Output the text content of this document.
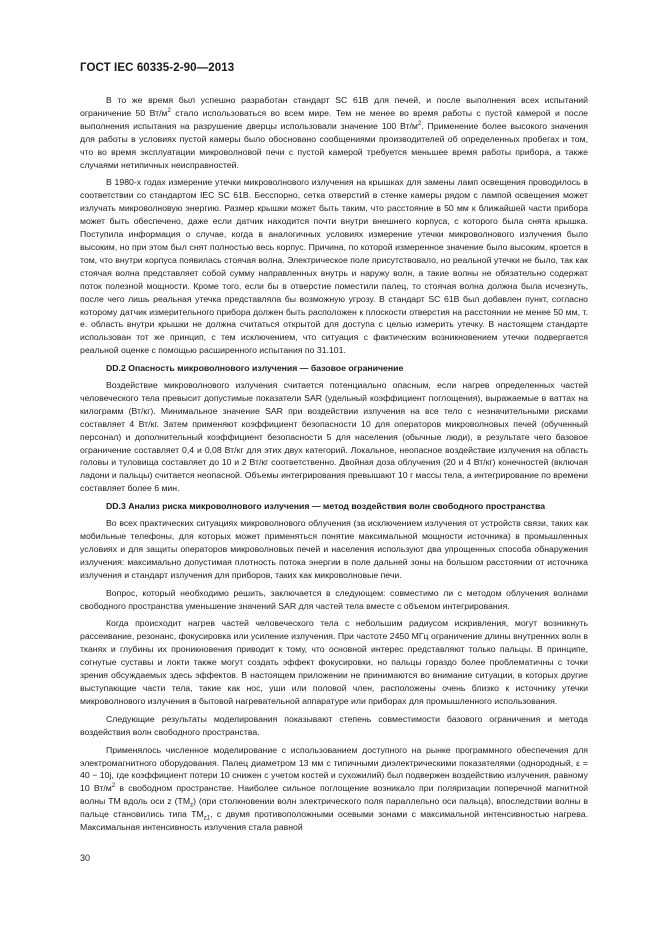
ГОСТ IEC 60335-2-90—2013

В то же время был успешно разработан стандарт SC 61B для печей, и после выполнения всех испытаний ограничение 50 $Вт/м^2$ стало использоваться во всем мире. Тем не менее во время работы с пустой камерой и после выполнения испытания на разрушение дверцы использовали значение 100 $Вт/м^2$. Применение более высокого значения для работы в условиях пустой камеры было обосновано сообщениями производителей об определенных пробегах и том, что во время эксплуатации микроволновой печи с пустой камерой требуется меньшее время работы прибора, а также случаями нетипичных неисправностей.

В 1980-х годах измерение утечки микроволнового излучения на крышках для замены ламп освещения проводилось в соответствии со стандартом IEC SC 61B. Бесспорно, сетка отверстий в стенке камеры рядом с лампой освещения может излучать микроволновую энергию. Размер крышки может быть таким, что расстояние в 50 мм к ближайшей части прибора может быть обеспечено, даже если датчик находится почти внутри внешнего корпуса, с которого была снята крышка. Поступила информация о случае, когда в аналогичных условиях измерение утечки микроволнового излучения было высоким, но при этом был снят полностью весь корпус. Причина, по которой измеренное значение было высоким, кроется в том, что внутри корпуса появилась стоячая волна. Электрическое поле присутствовало, но реальной утечки не было, так как стоячая волна представляет собой сумму направленных внутрь и наружу волн, а такие волны не обязательно содержат поток полезной мощности. Кроме того, если бы в отверстие поместили палец, то стоячая волна должна была исчезнуть, после чего лишь реальная утечка представляла бы возможную угрозу. В стандарт SC 61B был добавлен пункт, согласно которому датчик измерительного прибора должен быть расположен к плоскости отверстия на расстоянии не менее 50 мм, т. е. область внутри крышки не должна считаться открытой для доступа с целью измерить утечку. В настоящем стандарте использован тот же принцип, с тем исключением, что ситуация с фактическим возникновением утечки подвергается реальной оценке с помощью расширенного испытания по 31.101.

DD.2 Опасность микроволнового излучения — базовое ограничение

Воздействие микроволнового излучения считается потенциально опасным, если нагрев определенных частей человеческого тела превысит допустимые показатели SAR (удельный коэффициент поглощения), выражаемые в ваттах на килограмм (Вт/кг). Минимальное значение SAR при воздействии излучения на все тело с незначительными рисками составляет 4 Вт/кг. Затем применяют коэффициент безопасности 10 для операторов микроволновых печей (обученный персонал) и дополнительный коэффициент безопасности 5 для населения (обычные люди), в результате чего базовое ограничение составляет 0,4 и 0,08 Вт/кг для этих двух категорий. Локальное, неопасное воздействие излучения на область головы и туловища составляет до 10 и 2 Вт/кг соответственно. Двойная доза облучения (20 и 4 Вт/кг) конечностей (включая ладони и пальцы) считается неопасной. Объемы интегрирования превышают 10 г массы тела, а интегрирование по времени составляет более 6 мин.

DD.3 Анализ риска микроволнового излучения — метод воздействия волн свободного пространства

Во всех практических ситуациях микроволнового облучения (за исключением излучения от устройств связи, таких как мобильные телефоны, для которых может применяться понятие максимальной мощности источника) в промышленных условиях и для защиты операторов микроволновых печей и населения используют два упрощенных способа обнаружения излучения: максимально допустимая плотность потока энергии в поле дальней зоны на большом расстоянии от источника излучения и стандарт излучения для приборов, таких как микроволновые печи.

Вопрос, который необходимо решить, заключается в следующем: совместимо ли с методом облучения волнами свободного пространства уменьшение значений SAR для частей тела вместе с объемом интегрирования.

Когда происходит нагрев частей человеческого тела с небольшим радиусом искривления, могут возникнуть рассеивание, резонанс, фокусировка или усиление излучения. При частоте 2450 МГц ограничение длины внутренних волн в тканях и глубины их проникновения приводит к тому, что основной интерес представляют только пальцы. В принципе, согнутые суставы и локти также могут создать эффект фокусировки, но пальцы гораздо более проблематичны с точки зрения обсуждаемых здесь эффектов. В настоящем приложении не принимаются во внимание ситуации, в которых другие выступающие части тела, такие как нос, уши или половой член, расположены очень близко к источнику утечки микроволнового излучения в бытовой нагревательной аппаратуре или приборах для промышленного использования.

Следующие результаты моделирования показывают степень совместимости базового ограничения и метода воздействия волн свободного пространства.

Применялось численное моделирование с использованием доступного на рынке программного обеспечения для электромагнитного оборудования. Палец диаметром 13 мм с типичными диэлектрическими показателями (однородный, ε = 40 − 10j, где коэффициент потери 10 снижен с учетом костей и сухожилий) был подвержен воздействию излучения, равному 10 $Вт/м^2$ в свободном пространстве. Наиболее сильное поглощение возникало при поляризации поперечной магнитной волны TM вдоль оси z $(TM_z)$ (при столкновении волн электрического поля параллельно оси пальца), впоследствии волны в пальце становились типа $TM_{z1}$, с двумя противоположными осевыми зонами с максимальной интенсивностью нагрева. Максимальная интенсивность излучения стала равной

30
